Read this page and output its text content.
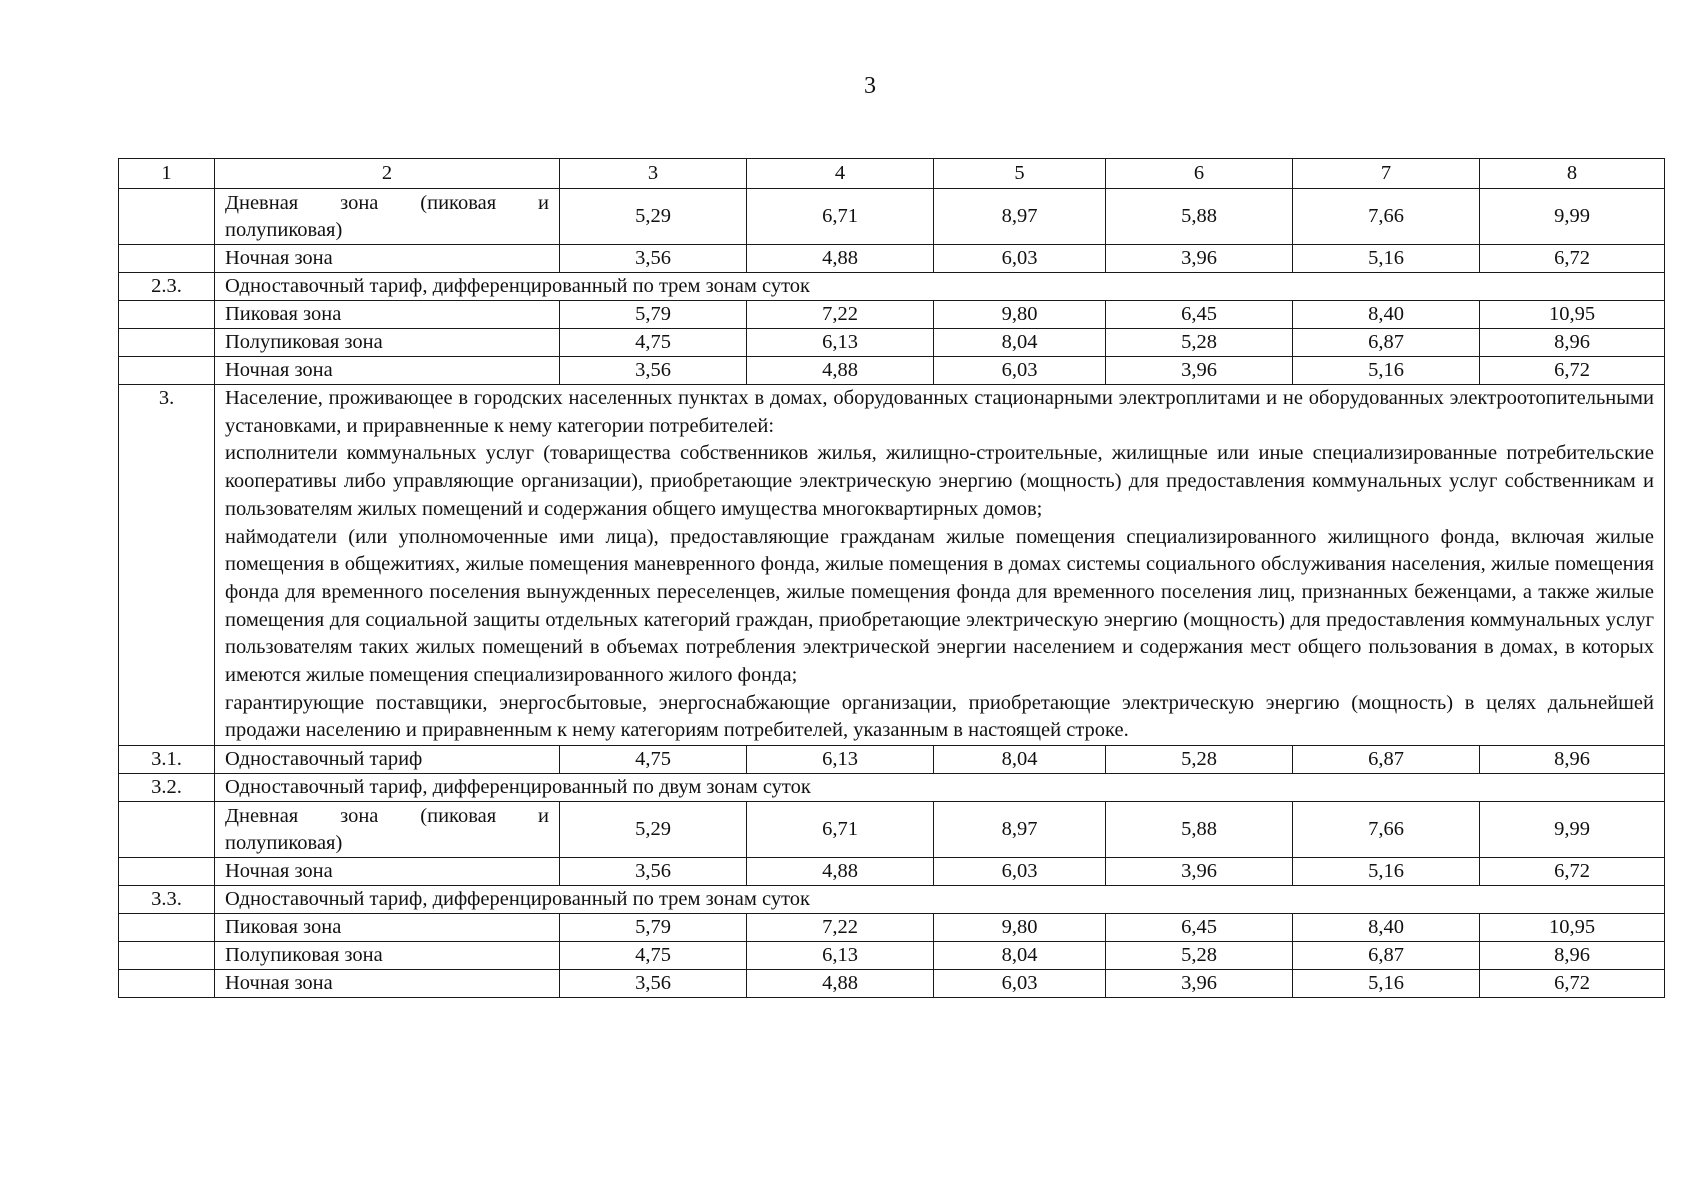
3
1	2	3	4	5	6	7	8
	Дневная зона (пиковая и полупиковая)	5,29	6,71	8,97	5,88	7,66	9,99
	Ночная зона	3,56	4,88	6,03	3,96	5,16	6,72
2.3.	Одноставочный тариф, дифференцированный по трем зонам суток						
	Пиковая зона	5,79	7,22	9,80	6,45	8,40	10,95
	Полупиковая зона	4,75	6,13	8,04	5,28	6,87	8,96
	Ночная зона	3,56	4,88	6,03	3,96	5,16	6,72
3.	Население, проживающее в городских населенных пунктах в домах, оборудованных стационарными электроплитами и не оборудованных электроотопительными установками, и приравненные к нему категории потребителей:
исполнители коммунальных услуг (товарищества собственников жилья, жилищно-строительные, жилищные или иные специализированные потребительские кооперативы либо управляющие организации), приобретающие электрическую энергию (мощность) для предоставления коммунальных услуг собственникам и пользователям жилых помещений и содержания общего имущества многоквартирных домов;
наймодатели (или уполномоченные ими лица), предоставляющие гражданам жилые помещения специализированного жилищного фонда, включая жилые помещения в общежитиях, жилые помещения маневренного фонда, жилые помещения в домах системы социального обслуживания населения, жилые помещения фонда для временного поселения вынужденных переселенцев, жилые помещения фонда для временного поселения лиц, признанных беженцами, а также жилые помещения для социальной защиты отдельных категорий граждан, приобретающие электрическую энергию (мощность) для предоставления коммунальных услуг пользователям таких жилых помещений в объемах потребления электрической энергии населением и содержания мест общего пользования в домах, в которых имеются жилые помещения специализированного жилого фонда;
гарантирующие поставщики, энергосбытовые, энергоснабжающие организации, приобретающие электрическую энергию (мощность) в целях дальнейшей продажи населению и приравненным к нему категориям потребителей, указанным в настоящей строке.						

3.1.	Одноставочный тариф	4,75	6,13	8,04	5,28	6,87	8,96
3.2.	Одноставочный тариф, дифференцированный по двум зонам суток						
	Дневная зона (пиковая и полупиковая)	5,29	6,71	8,97	5,88	7,66	9,99
	Ночная зона	3,56	4,88	6,03	3,96	5,16	6,72
3.3.	Одноставочный тариф, дифференцированный по трем зонам суток						
	Пиковая зона	5,79	7,22	9,80	6,45	8,40	10,95
	Полупиковая зона	4,75	6,13	8,04	5,28	6,87	8,96
	Ночная зона	3,56	4,88	6,03	3,96	5,16	6,72
